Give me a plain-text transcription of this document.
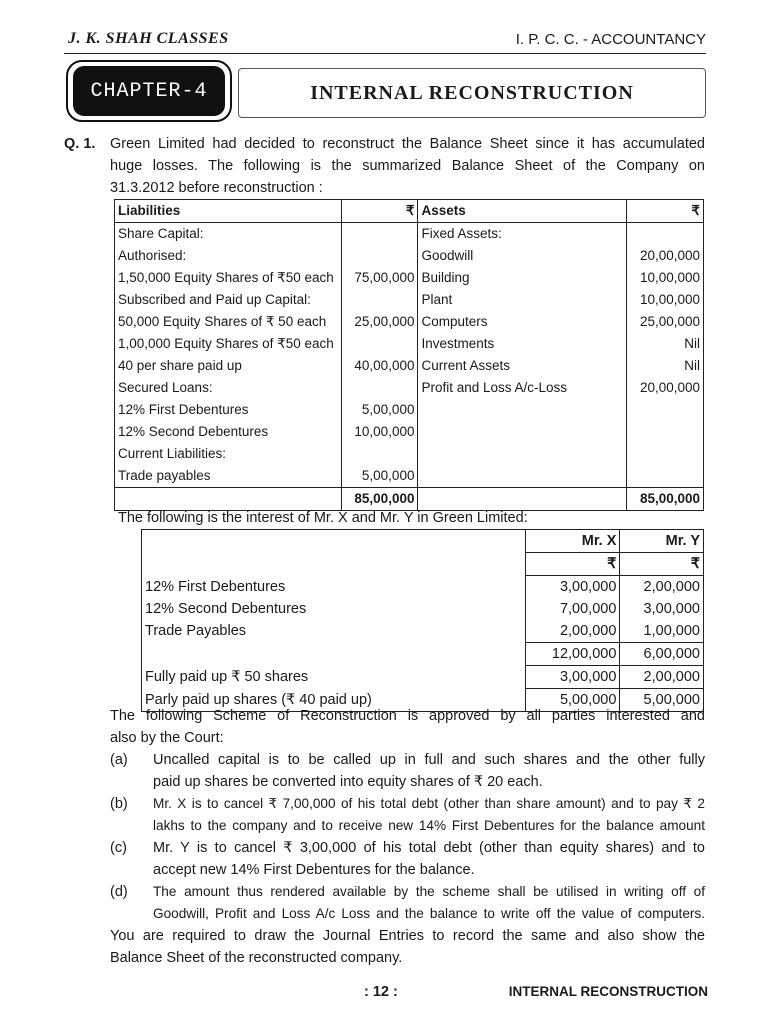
J. K. SHAH CLASSES	I. P. C. C. - ACCOUNTANCY
CHAPTER-4	INTERNAL RECONSTRUCTION
Q. 1. Green Limited had decided to reconstruct the Balance Sheet since it has accumulated
huge losses. The following is the summarized Balance Sheet of the Company on
31.3.2012 before reconstruction :
Liabilities	₹	Assets	₹
Share Capital:		Fixed Assets:	
Authorised:		Goodwill	20,00,000
1,50,000 Equity Shares of ₹50 each	75,00,000	Building	10,00,000
Subscribed and Paid up Capital:		Plant	10,00,000
50,000 Equity Shares of ₹ 50 each	25,00,000	Computers	25,00,000
1,00,000 Equity Shares of ₹50 each		Investments	Nil
40 per share paid up	40,00,000	Current Assets	Nil
Secured Loans:		Profit and Loss A/c-Loss	20,00,000
12% First Debentures	5,00,000		
12% Second Debentures	10,00,000		
Current Liabilities:			
Trade payables	5,00,000		
	85,00,000		85,00,000
The following is the interest of Mr. X and Mr. Y in Green Limited:
	Mr. X	Mr. Y
	₹	₹
12% First Debentures	3,00,000	2,00,000
12% Second Debentures	7,00,000	3,00,000
Trade Payables	2,00,000	1,00,000
	12,00,000	6,00,000
Fully paid up ₹ 50 shares	3,00,000	2,00,000
Parly paid up shares (₹ 40 paid up)	5,00,000	5,00,000
The following Scheme of Reconstruction is approved by all parties interested and
also by the Court:
(a) Uncalled capital is to be called up in full and such shares and the other fully
paid up shares be converted into equity shares of ₹ 20 each.
(b) Mr. X is to cancel ₹ 7,00,000 of his total debt (other than share amount) and to pay ₹ 2
lakhs to the company and to receive new 14% First Debentures for the balance amount
(c) Mr. Y is to cancel ₹ 3,00,000 of his total debt (other than equity shares) and to
accept new 14% First Debentures for the balance.
(d) The amount thus rendered available by the scheme shall be utilised in writing off of
Goodwill, Profit and Loss A/c Loss and the balance to write off the value of computers.
You are required to draw the Journal Entries to record the same and also show the
Balance Sheet of the reconstructed company.
: 12 :	INTERNAL RECONSTRUCTION
